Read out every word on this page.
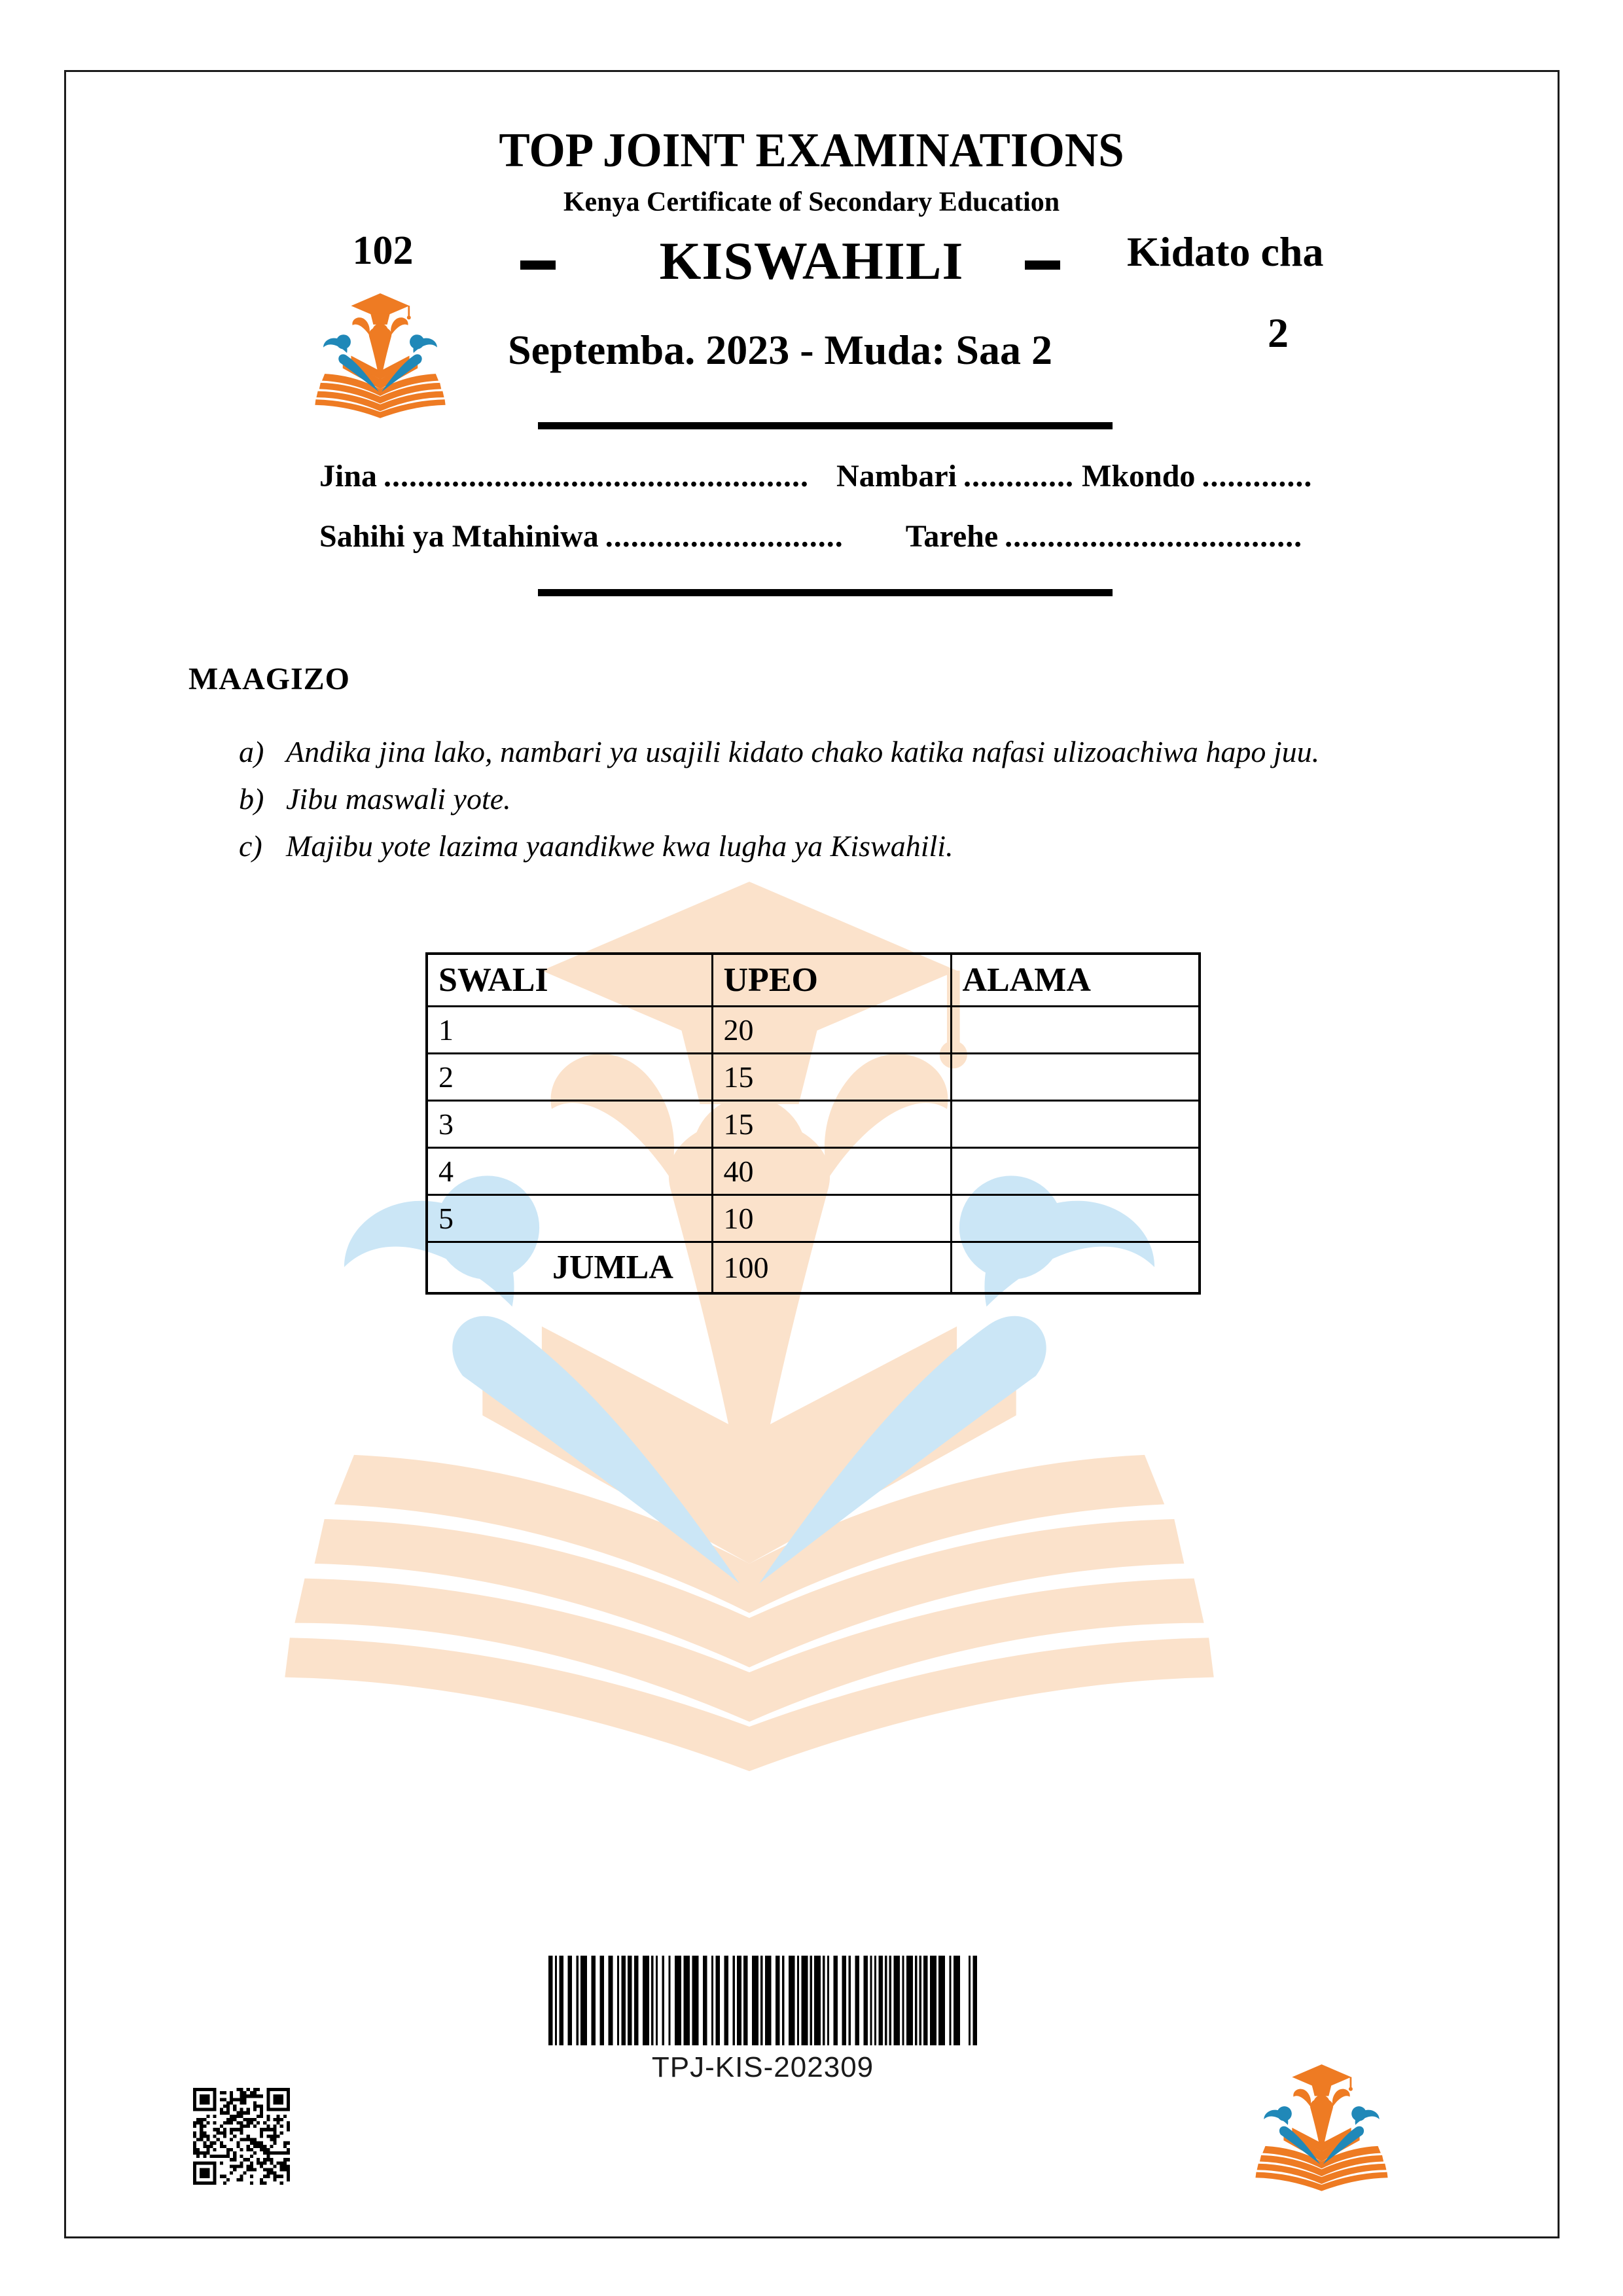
TOP JOINT EXAMINATIONS
Kenya Certificate of Secondary Education
102	KISWAHILI	Kidato cha
2
Septemba. 2023 - Muda: Saa 2
Jina .................................................. Nambari ............. Mkondo .............
Sahihi ya Mtahiniwa ............................ Tarehe ...................................
MAAGIZO
a) Andika jina lako, nambari ya usajili kidato chako katika nafasi ulizoachiwa hapo juu.
b) Jibu maswali yote.
c) Majibu yote lazima yaandikwe kwa lugha ya Kiswahili.
SWALI	UPEO	ALAMA
1	20	
2	15	
3	15	
4	40	
5	10	
JUMLA	100	
TPJ-KIS-202309
